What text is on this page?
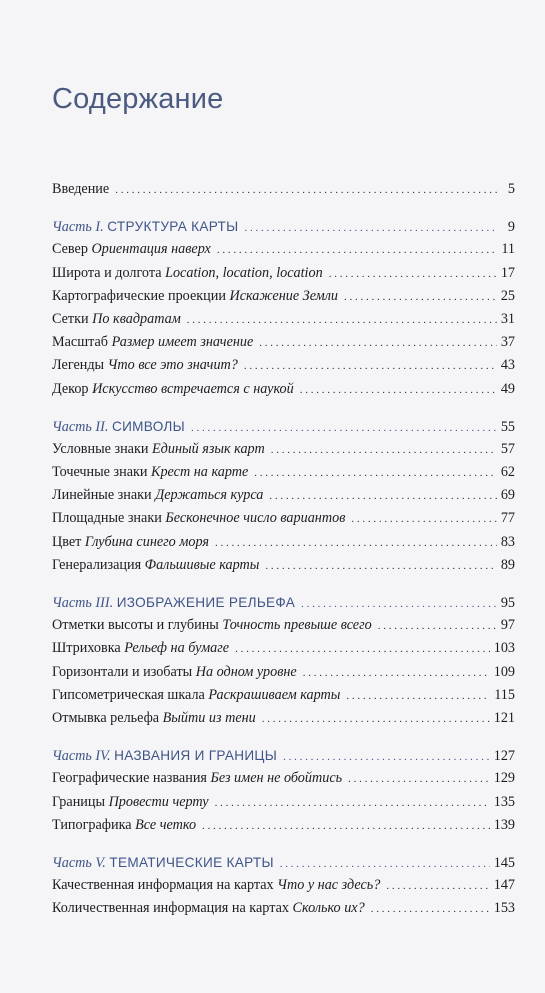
Содержание
Введение . . .	5
Часть I. СТРУКТУРА КАРТЫ . . .	9
Север Ориентация наверх . . .	11
Широта и долгота Location, location, location . . .	17
Картографические проекции Искажение Земли . . .	25
Сетки По квадратам . . .	31
Масштаб Размер имеет значение . . .	37
Легенды Что все это значит? . . .	43
Декор Искусство встречается с наукой . . .	49
Часть II. СИМВОЛЫ . . .	55
Условные знаки Единый язык карт . . .	57
Точечные знаки Крест на карте . . .	62
Линейные знаки Держаться курса . . .	69
Площадные знаки Бесконечное число вариантов . . .	77
Цвет Глубина синего моря . . .	83
Генерализация Фальшивые карты . . .	89
Часть III. ИЗОБРАЖЕНИЕ РЕЛЬЕФА . . .	95
Отметки высоты и глубины Точность превыше всего . . .	97
Штриховка Рельеф на бумаге . . .	103
Горизонтали и изобаты На одном уровне . . .	109
Гипсометрическая шкала Раскрашиваем карты . . .	115
Отмывка рельефа Выйти из тени . . .	121
Часть IV. НАЗВАНИЯ И ГРАНИЦЫ . . .	127
Географические названия Без имен не обойтись . . .	129
Границы Провести черту . . .	135
Типографика Все четко . . .	139
Часть V. ТЕМАТИЧЕСКИЕ КАРТЫ . . .	145
Качественная информация на картах Что у нас здесь? . . .	147
Количественная информация на картах Сколько их? . . .	153
